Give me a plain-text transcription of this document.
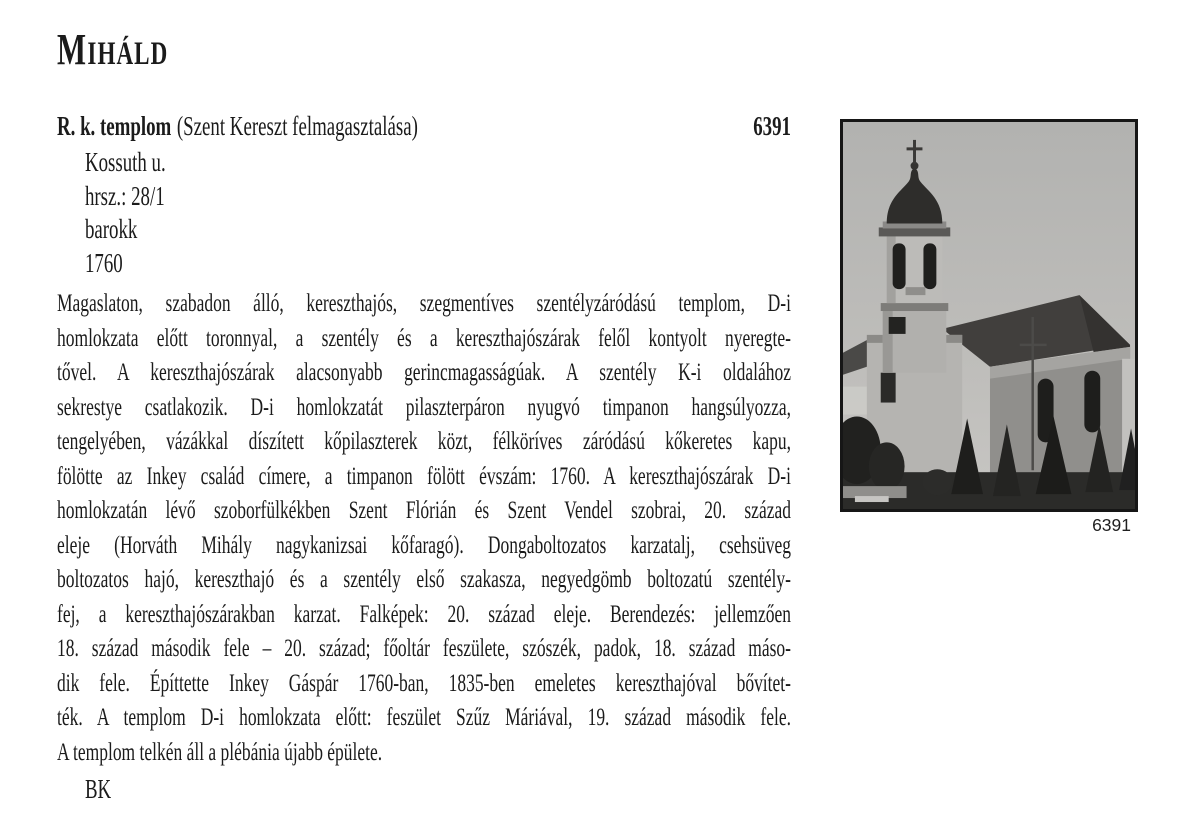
MIHÁLD
R. k. templom (Szent Kereszt felmagasztalása)	6391
Kossuth u.
hrsz.: 28/1
barokk
1760
Magaslaton, szabadon álló, kereszthajós, szegmentíves szentélyzáródású templom, D-i
homlokzata előtt toronnyal, a szentély és a kereszthajószárak felől kontyolt nyeregte-
tővel. A kereszthajószárak alacsonyabb gerincmagasságúak. A szentély K-i oldalához
sekrestye csatlakozik. D-i homlokzatát pilaszterpáron nyugvó timpanon hangsúlyozza,
tengelyében, vázákkal díszített kőpilaszterek közt, félköríves záródású kőkeretes kapu,
fölötte az Inkey család címere, a timpanon fölött évszám: 1760. A kereszthajószárak D-i
homlokzatán lévő szoborfülkékben Szent Flórián és Szent Vendel szobrai, 20. század
eleje (Horváth Mihály nagykanizsai kőfaragó). Dongaboltozatos karzatalj, csehsüveg
boltozatos hajó, kereszthajó és a szentély első szakasza, negyedgömb boltozatú szentély-
fej, a kereszthajószárakban karzat. Falképek: 20. század eleje. Berendezés: jellemzően
18. század második fele – 20. század; főoltár feszülete, szószék, padok, 18. század máso-
dik fele. Építtette Inkey Gáspár 1760-ban, 1835-ben emeletes kereszthajóval bővítet-
ték. A templom D-i homlokzata előtt: feszület Szűz Máriával, 19. század második fele.
A templom telkén áll a plébánia újabb épülete.
BK
6391
